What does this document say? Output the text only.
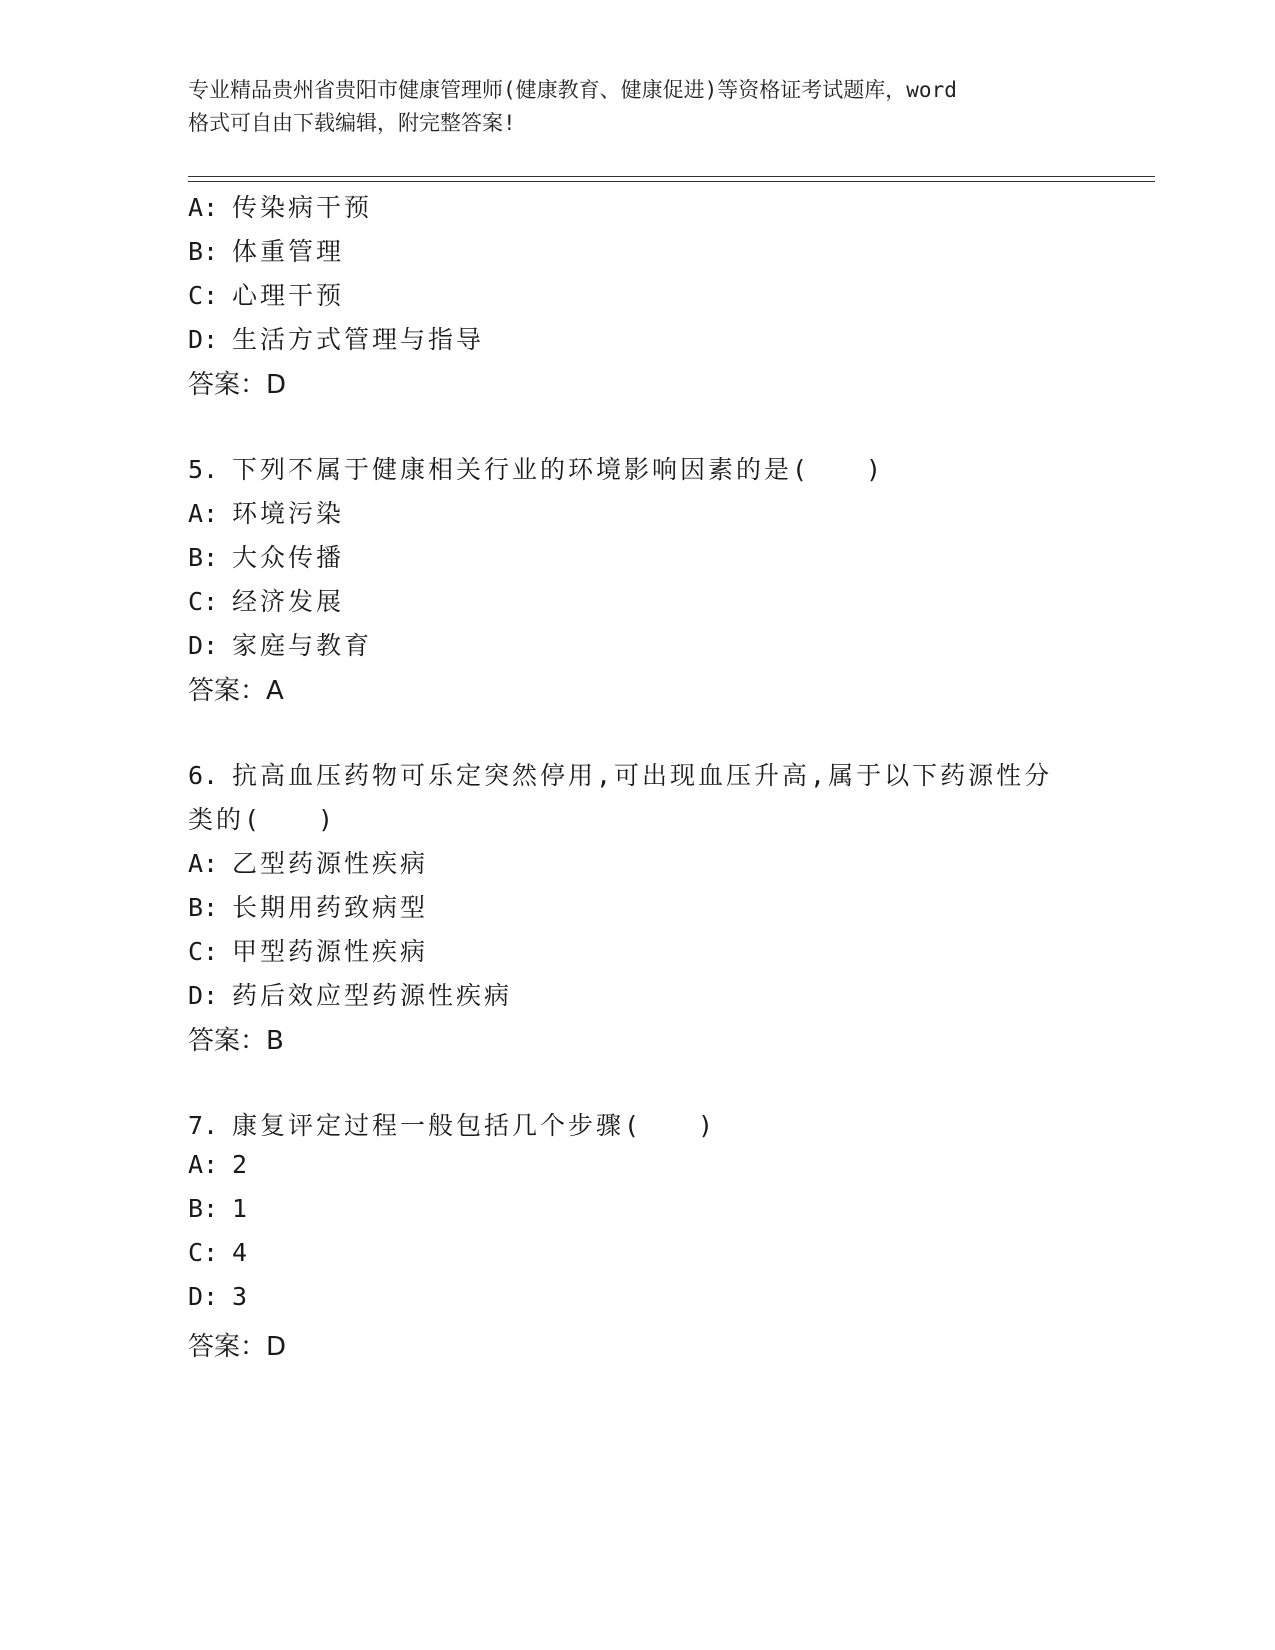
专业精品贵州省贵阳市健康管理师(健康教育、健康促进)等资格证考试题库，word
格式可自由下载编辑，附完整答案!
A: 传染病干预
B: 体重管理
C: 心理干预
D: 生活方式管理与指导
答案：D
5. 下列不属于健康相关行业的环境影响因素的是(　　)
A: 环境污染
B: 大众传播
C: 经济发展
D: 家庭与教育
答案：A
6. 抗高血压药物可乐定突然停用,可出现血压升高,属于以下药源性分
类的(　　)
A: 乙型药源性疾病
B: 长期用药致病型
C: 甲型药源性疾病
D: 药后效应型药源性疾病
答案：B
7. 康复评定过程一般包括几个步骤(　　)
A: 2
B: 1
C: 4
D: 3
答案：D
